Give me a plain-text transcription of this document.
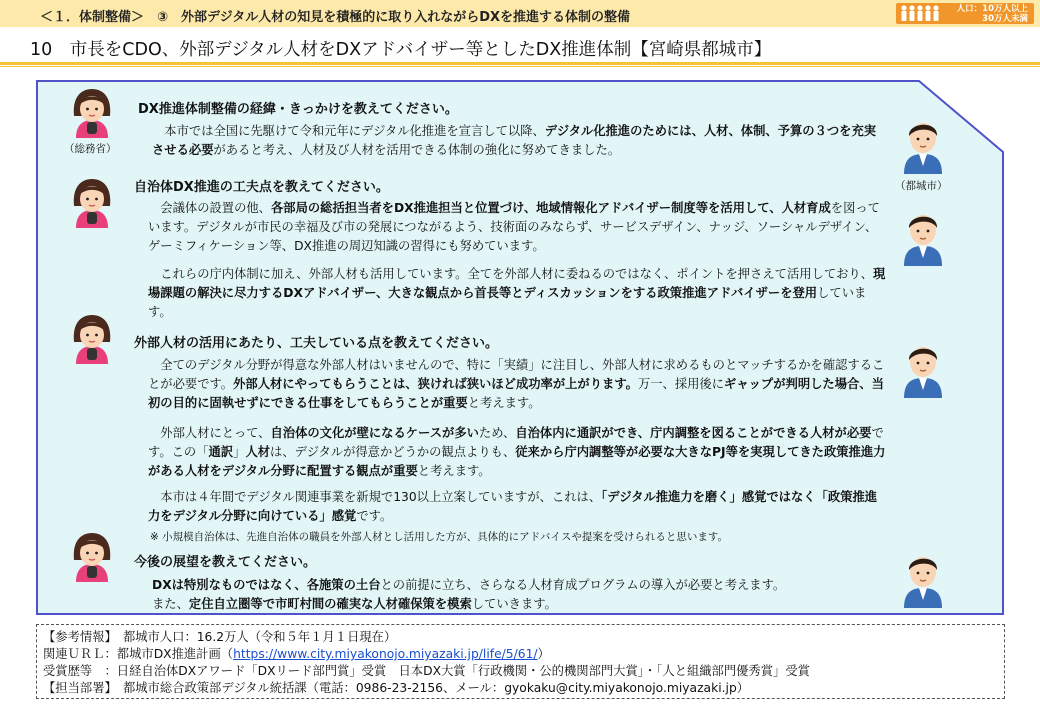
＜１．体制整備＞　③　外部デジタル人材の知見を積極的に取り入れながらDXを推進する体制の整備
人口：10万人以上
30万人未満
10　市長をCDO、外部デジタル人材をDXアドバイザー等としたDX推進体制【宮崎県都城市】
（総務省）
（都城市）
DX推進体制整備の経緯・きっかけを教えてください。
　本市では全国に先駆けて令和元年にデジタル化推進を宣言して以降、デジタル化推進のためには、人材、体制、予算の３つを充実させる必要があると考え、人材及び人材を活用できる体制の強化に努めてきました。
自治体DX推進の工夫点を教えてください。
　会議体の設置の他、各部局の総括担当者をDX推進担当と位置づけ、地域情報化アドバイザー制度等を活用して、人材育成を図っています。デジタルが市民の幸福及び市の発展につながるよう、技術面のみならず、サービスデザイン、ナッジ、ソーシャルデザイン、ゲーミフィケーション等、DX推進の周辺知識の習得にも努めています。
　これらの庁内体制に加え、外部人材も活用しています。全てを外部人材に委ねるのではなく、ポイントを押さえて活用しており、現場課題の解決に尽力するDXアドバイザー、大きな観点から首長等とディスカッションをする政策推進アドバイザーを登用しています。
外部人材の活用にあたり、工夫している点を教えてください。
　全てのデジタル分野が得意な外部人材はいませんので、特に「実績」に注目し、外部人材に求めるものとマッチするかを確認することが必要です。外部人材にやってもらうことは、狭ければ狭いほど成功率が上がります。万一、採用後にギャップが判明した場合、当初の目的に固執せずにできる仕事をしてもらうことが重要と考えます。
　外部人材にとって、自治体の文化が壁になるケースが多いため、自治体内に通訳ができ、庁内調整を図ることができる人材が必要です。この「通訳」人材は、デジタルが得意かどうかの観点よりも、従来から庁内調整等が必要な大きなPJ等を実現してきた政策推進力がある人材をデジタル分野に配置する観点が重要と考えます。
　本市は４年間でデジタル関連事業を新規で130以上立案していますが、これは、「デジタル推進力を磨く」感覚ではなく「政策推進力をデジタル分野に向けている」感覚です。
※ 小規模自治体は、先進自治体の職員を外部人材とし活用した方が、具体的にアドバイスや提案を受けられると思います。
今後の展望を教えてください。
DXは特別なものではなく、各施策の土台との前提に立ち、さらなる人材育成プログラムの導入が必要と考えます。
また、定住自立圏等で市町村間の確実な人材確保策を模索していきます。
【参考情報】　 都城市人口：16.2万人（令和５年１月１日現在）
関連ＵＲＬ：都城市DX推進計画（https://www.city.miyakonojo.miyazaki.jp/life/5/61/）
受賞歴等　：日経自治体DXアワード「DXリード部門賞」受賞　日本DX大賞「行政機関・公的機関部門大賞」・「人と組織部門優秀賞」受賞
【担当部署】　 都城市総合政策部デジタル統括課（電話：0986-23-2156、メール：gyokaku@city.miyakonojo.miyazaki.jp）
